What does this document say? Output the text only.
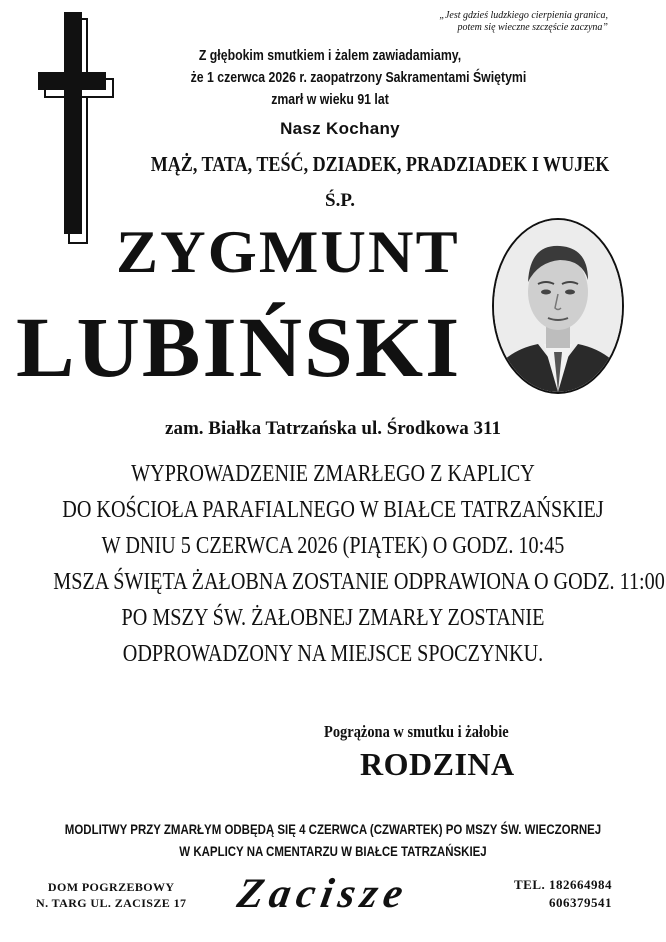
„Jest gdzieś ludzkiego cierpienia granica,
potem się wieczne szczęście zaczyna”
Z głębokim smutkiem i żalem zawiadamiamy,
że 1 czerwca 2026 r. zaopatrzony Sakramentami Świętymi
zmarł w wieku 91 lat
Nasz Kochany
MĄŻ, TATA, TEŚĆ, DZIADEK, PRADZIADEK I WUJEK
Ś.P.
ZYGMUNT
LUBIŃSKI
zam. Białka Tatrzańska ul. Środkowa 311
WYPROWADZENIE ZMARŁEGO Z KAPLICY
DO KOŚCIOŁA PARAFIALNEGO W BIAŁCE TATRZAŃSKIEJ
W DNIU 5 CZERWCA 2026 (PIĄTEK) O GODZ. 10:45
MSZA ŚWIĘTA ŻAŁOBNA ZOSTANIE ODPRAWIONA O GODZ. 11:00
PO MSZY ŚW. ŻAŁOBNEJ ZMARŁY ZOSTANIE
ODPROWADZONY NA MIEJSCE SPOCZYNKU.
Pogrążona w smutku i żałobie
RODZINA
MODLITWY PRZY ZMARŁYM ODBĘDĄ SIĘ 4 CZERWCA (CZWARTEK) PO MSZY ŚW. WIECZORNEJ
W KAPLICY NA CMENTARZU W BIAŁCE TATRZAŃSKIEJ
DOM POGRZEBOWY
N. TARG UL. ZACISZE 17 Zacisze	TEL. 182664984
606379541
